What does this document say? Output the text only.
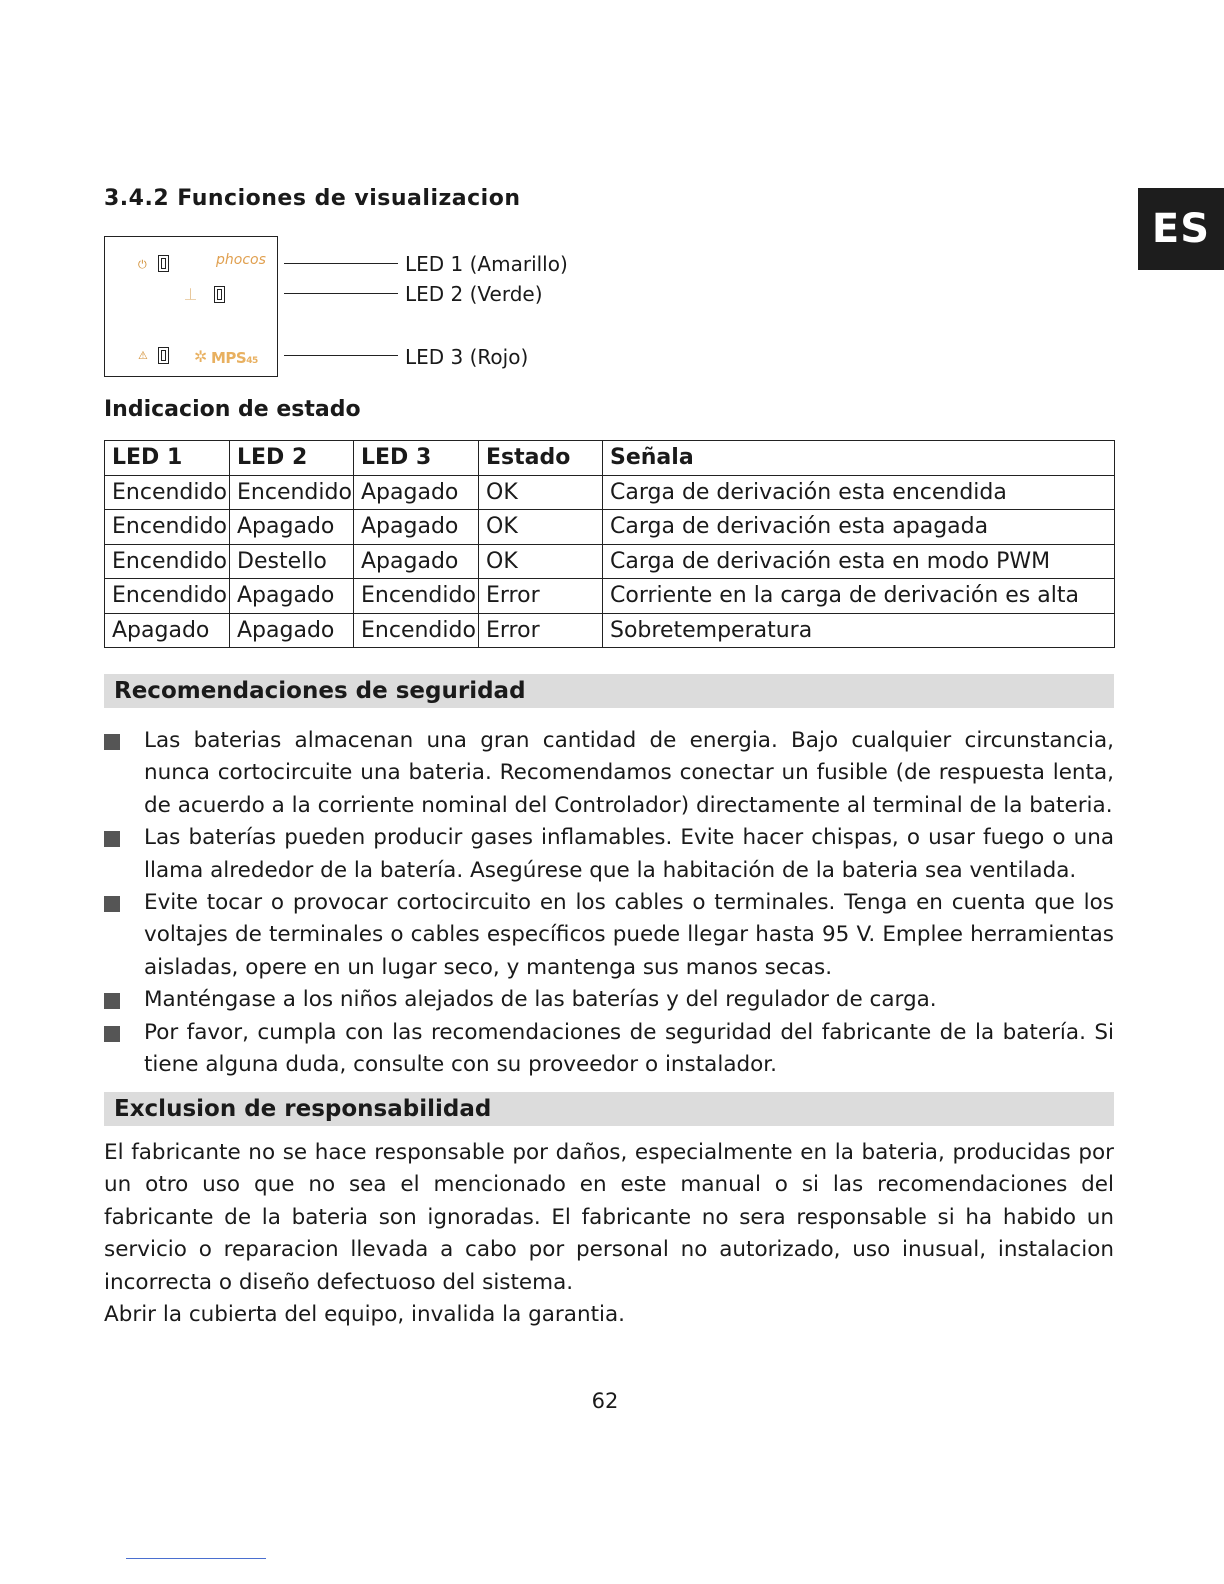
ES
3.4.2 Funciones de visualizacion
⏻	phocos
⏊
⚠	✲ MPS45
LED 1 (Amarillo)
LED 2 (Verde)
LED 3 (Rojo)
Indicacion de estado
LED 1	LED 2	LED 3	Estado	Señala
Encendido	Encendido	Apagado	OK	Carga de derivación esta encendida
Encendido	Apagado	Apagado	OK	Carga de derivación esta apagada
Encendido	Destello	Apagado	OK	Carga de derivación esta en modo PWM
Encendido	Apagado	Encendido	Error	Corriente en la carga de derivación es alta
Apagado	Apagado	Encendido	Error	Sobretemperatura
Recomendaciones de seguridad
Las baterias almacenan una gran cantidad de energia. Bajo cualquier circunstancia, nunca cortocircuite una bateria. Recomendamos conectar un fusible (de respuesta lenta, de acuerdo a la corriente nominal del Controlador) directamente al terminal de la bateria.
Las baterías pueden producir gases inflamables. Evite hacer chispas, o usar fuego o una llama alrededor de la batería. Asegúrese que la habitación de la bateria sea ventilada.
Evite tocar o provocar cortocircuito en los cables o terminales. Tenga en cuenta que los voltajes de terminales o cables específicos puede llegar hasta 95 V. Emplee herramientas aisladas, opere en un lugar seco, y mantenga sus manos secas.
Manténgase a los niños alejados de las baterías y del regulador de carga.
Por favor, cumpla con las recomendaciones de seguridad del fabricante de la batería. Si tiene alguna duda, consulte con su proveedor o instalador.
Exclusion de responsabilidad

El fabricante no se hace responsable por daños, especialmente en la bateria, producidas por un otro uso que no sea el mencionado en este manual o si las recomendaciones del fabricante de la bateria son ignoradas. El fabricante no sera responsable si ha habido un servicio o reparacion llevada a cabo por personal no autorizado, uso inusual, instalacion incorrecta o diseño defectuoso del sistema.

Abrir la cubierta del equipo, invalida la garantia.

62
